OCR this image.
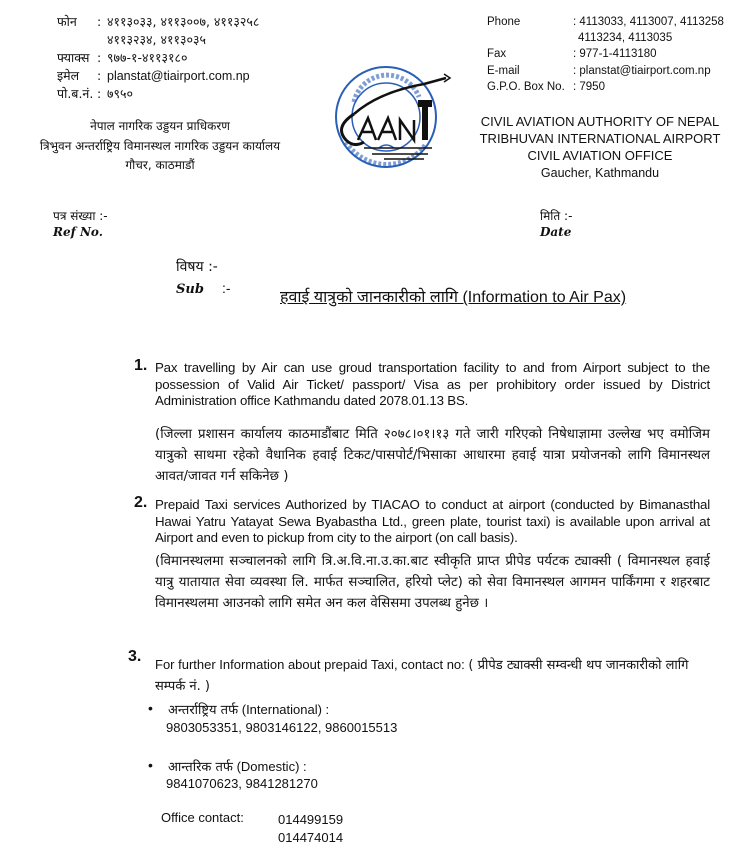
फोन : ४११३०३३, ४११३००७, ४११३२५८
४११३२३४, ४११३०३५
फ्याक्स : ९७७-१-४११३१८०
इमेल : planstat@tiairport.com.np
पो.ब.नं. : ७९५०
नेपाल नागरिक उड्डयन प्राधिकरण
त्रिभुवन अन्तर्राष्ट्रिय विमानस्थल नागरिक उड्डयन कार्यालय
गौचर, काठमाडौं
Phone	: 4113033, 4113007, 4113258
4113234, 4113035
Fax	: 977-1-4113180
E-mail	: planstat@tiairport.com.np
G.P.O. Box No. : 7950
CIVIL AVIATION AUTHORITY OF NEPAL
TRIBHUVAN INTERNATIONAL AIRPORT
CIVIL AVIATION OFFICE
Gaucher, Kathmandu
पत्र संख्या :-
Ref No.
मिति :-
Date
विषय :-
Sub :-
हवाई यात्रुको जानकारीको लागि (Information to Air Pax)
1. Pax travelling by Air can use groud transportation facility to and from Airport subject to the possession of Valid Air Ticket/ passport/ Visa as per prohibitory order issued by District Administration office Kathmandu dated 2078.01.13 BS.
(जिल्ला प्रशासन कार्यालय काठमाडौंबाट मिति २०७८।०१।१३ गते जारी गरिएको निषेधाज्ञामा उल्लेख भए वमोजिम यात्रुको साथमा रहेको वैधानिक हवाई टिकट/पासपोर्ट/भिसाका आधारमा हवाई यात्रा प्रयोजनको लागि विमानस्थल आवत/जावत गर्न सकिनेछ )
2. Prepaid Taxi services Authorized by TIACAO to conduct at airport (conducted by Bimanasthal Hawai Yatru Yatayat Sewa Byabastha Ltd., green plate, tourist taxi) is available upon arrival at Airport and even to pickup from city to the airport (on call basis).
(विमानस्थलमा सञ्चालनको लागि त्रि.अ.वि.ना.उ.का.बाट स्वीकृति प्राप्त प्रीपेड पर्यटक ट्याक्सी ( विमानस्थल हवाई यात्रु यातायात सेवा व्यवस्था लि. मार्फत सञ्चालित, हरियो प्लेट) को सेवा विमानस्थल आगमन पार्किंगमा र शहरबाट विमानस्थलमा आउनको लागि समेत अन कल वेसिसमा उपलब्ध हुनेछ ।
3. For further Information about prepaid Taxi, contact no: ( प्रीपेड ट्याक्सी सम्वन्धी थप जानकारीको लागि सम्पर्क नं. )
• अन्तर्राष्ट्रिय तर्फ (International) :
9803053351, 9803146122, 9860015513
• आन्तरिक तर्फ (Domestic) :
9841070623, 9841281270
Office contact:	014499159
014474014
